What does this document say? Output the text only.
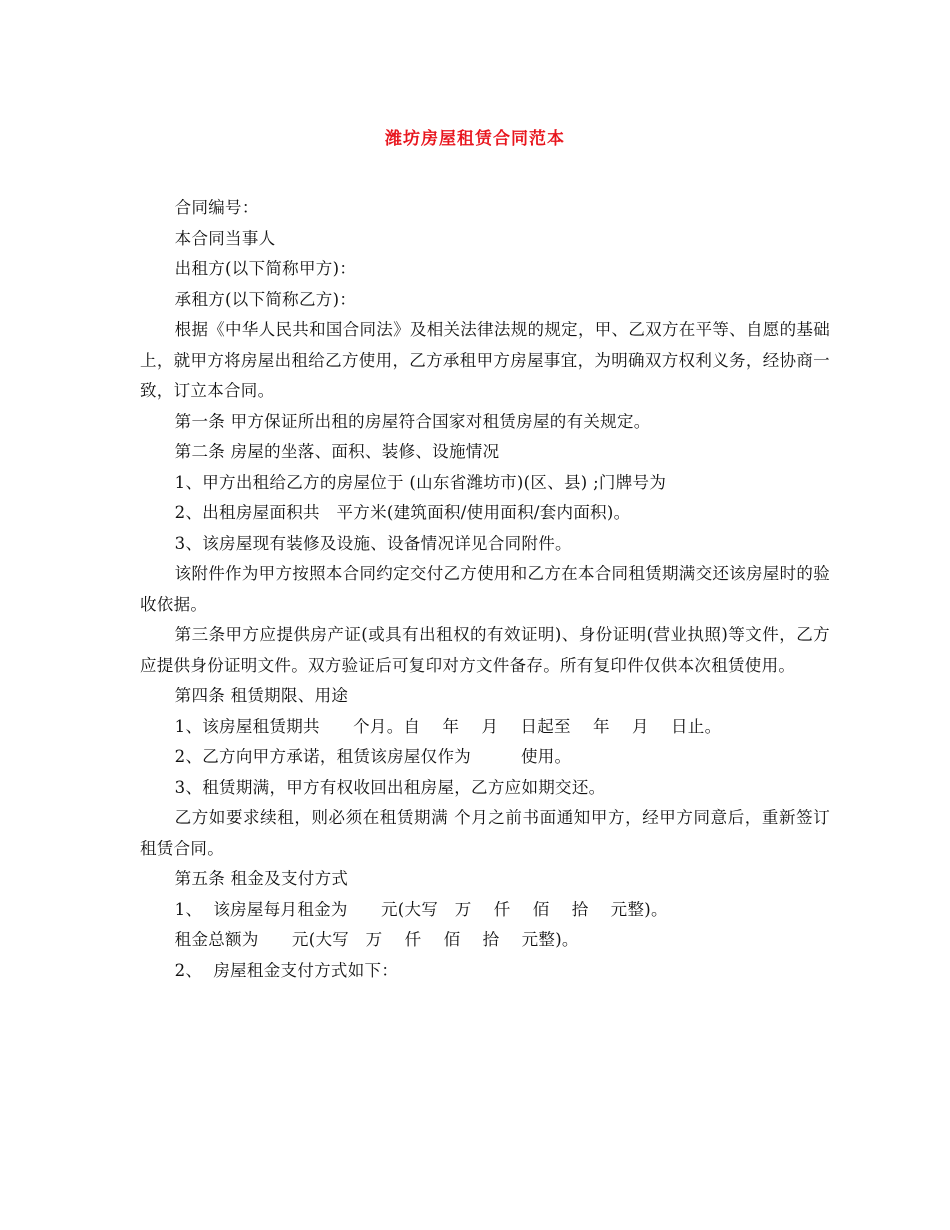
潍坊房屋租赁合同范本

合同编号：

本合同当事人

出租方(以下简称甲方)：

承租方(以下简称乙方)：

根据《中华人民共和国合同法》及相关法律法规的规定，甲、乙双方在平等、自愿的基础上，就甲方将房屋出租给乙方使用，乙方承租甲方房屋事宜，为明确双方权利义务，经协商一致，订立本合同。

第一条 甲方保证所出租的房屋符合国家对租赁房屋的有关规定。

第二条 房屋的坐落、面积、装修、设施情况

1、甲方出租给乙方的房屋位于 (山东省潍坊市)(区、县) ;门牌号为

2、出租房屋面积共   平方米(建筑面积/使用面积/套内面积)。

3、该房屋现有装修及设施、设备情况详见合同附件。

该附件作为甲方按照本合同约定交付乙方使用和乙方在本合同租赁期满交还该房屋时的验收依据。

第三条甲方应提供房产证(或具有出租权的有效证明)、身份证明(营业执照)等文件，乙方应提供身份证明文件。双方验证后可复印对方文件备存。所有复印件仅供本次租赁使用。

第四条 租赁期限、用途

1、该房屋租赁期共      个月。自    年    月    日起至    年    月    日止。

2、乙方向甲方承诺，租赁该房屋仅作为         使用。

3、租赁期满，甲方有权收回出租房屋，乙方应如期交还。

乙方如要求续租，则必须在租赁期满 个月之前书面通知甲方，经甲方同意后，重新签订租赁合同。

第五条 租金及支付方式

1、  该房屋每月租金为      元(大写   万    仟    佰    拾    元整)。

租金总额为      元(大写   万    仟    佰    拾    元整)。

2、  房屋租金支付方式如下：
